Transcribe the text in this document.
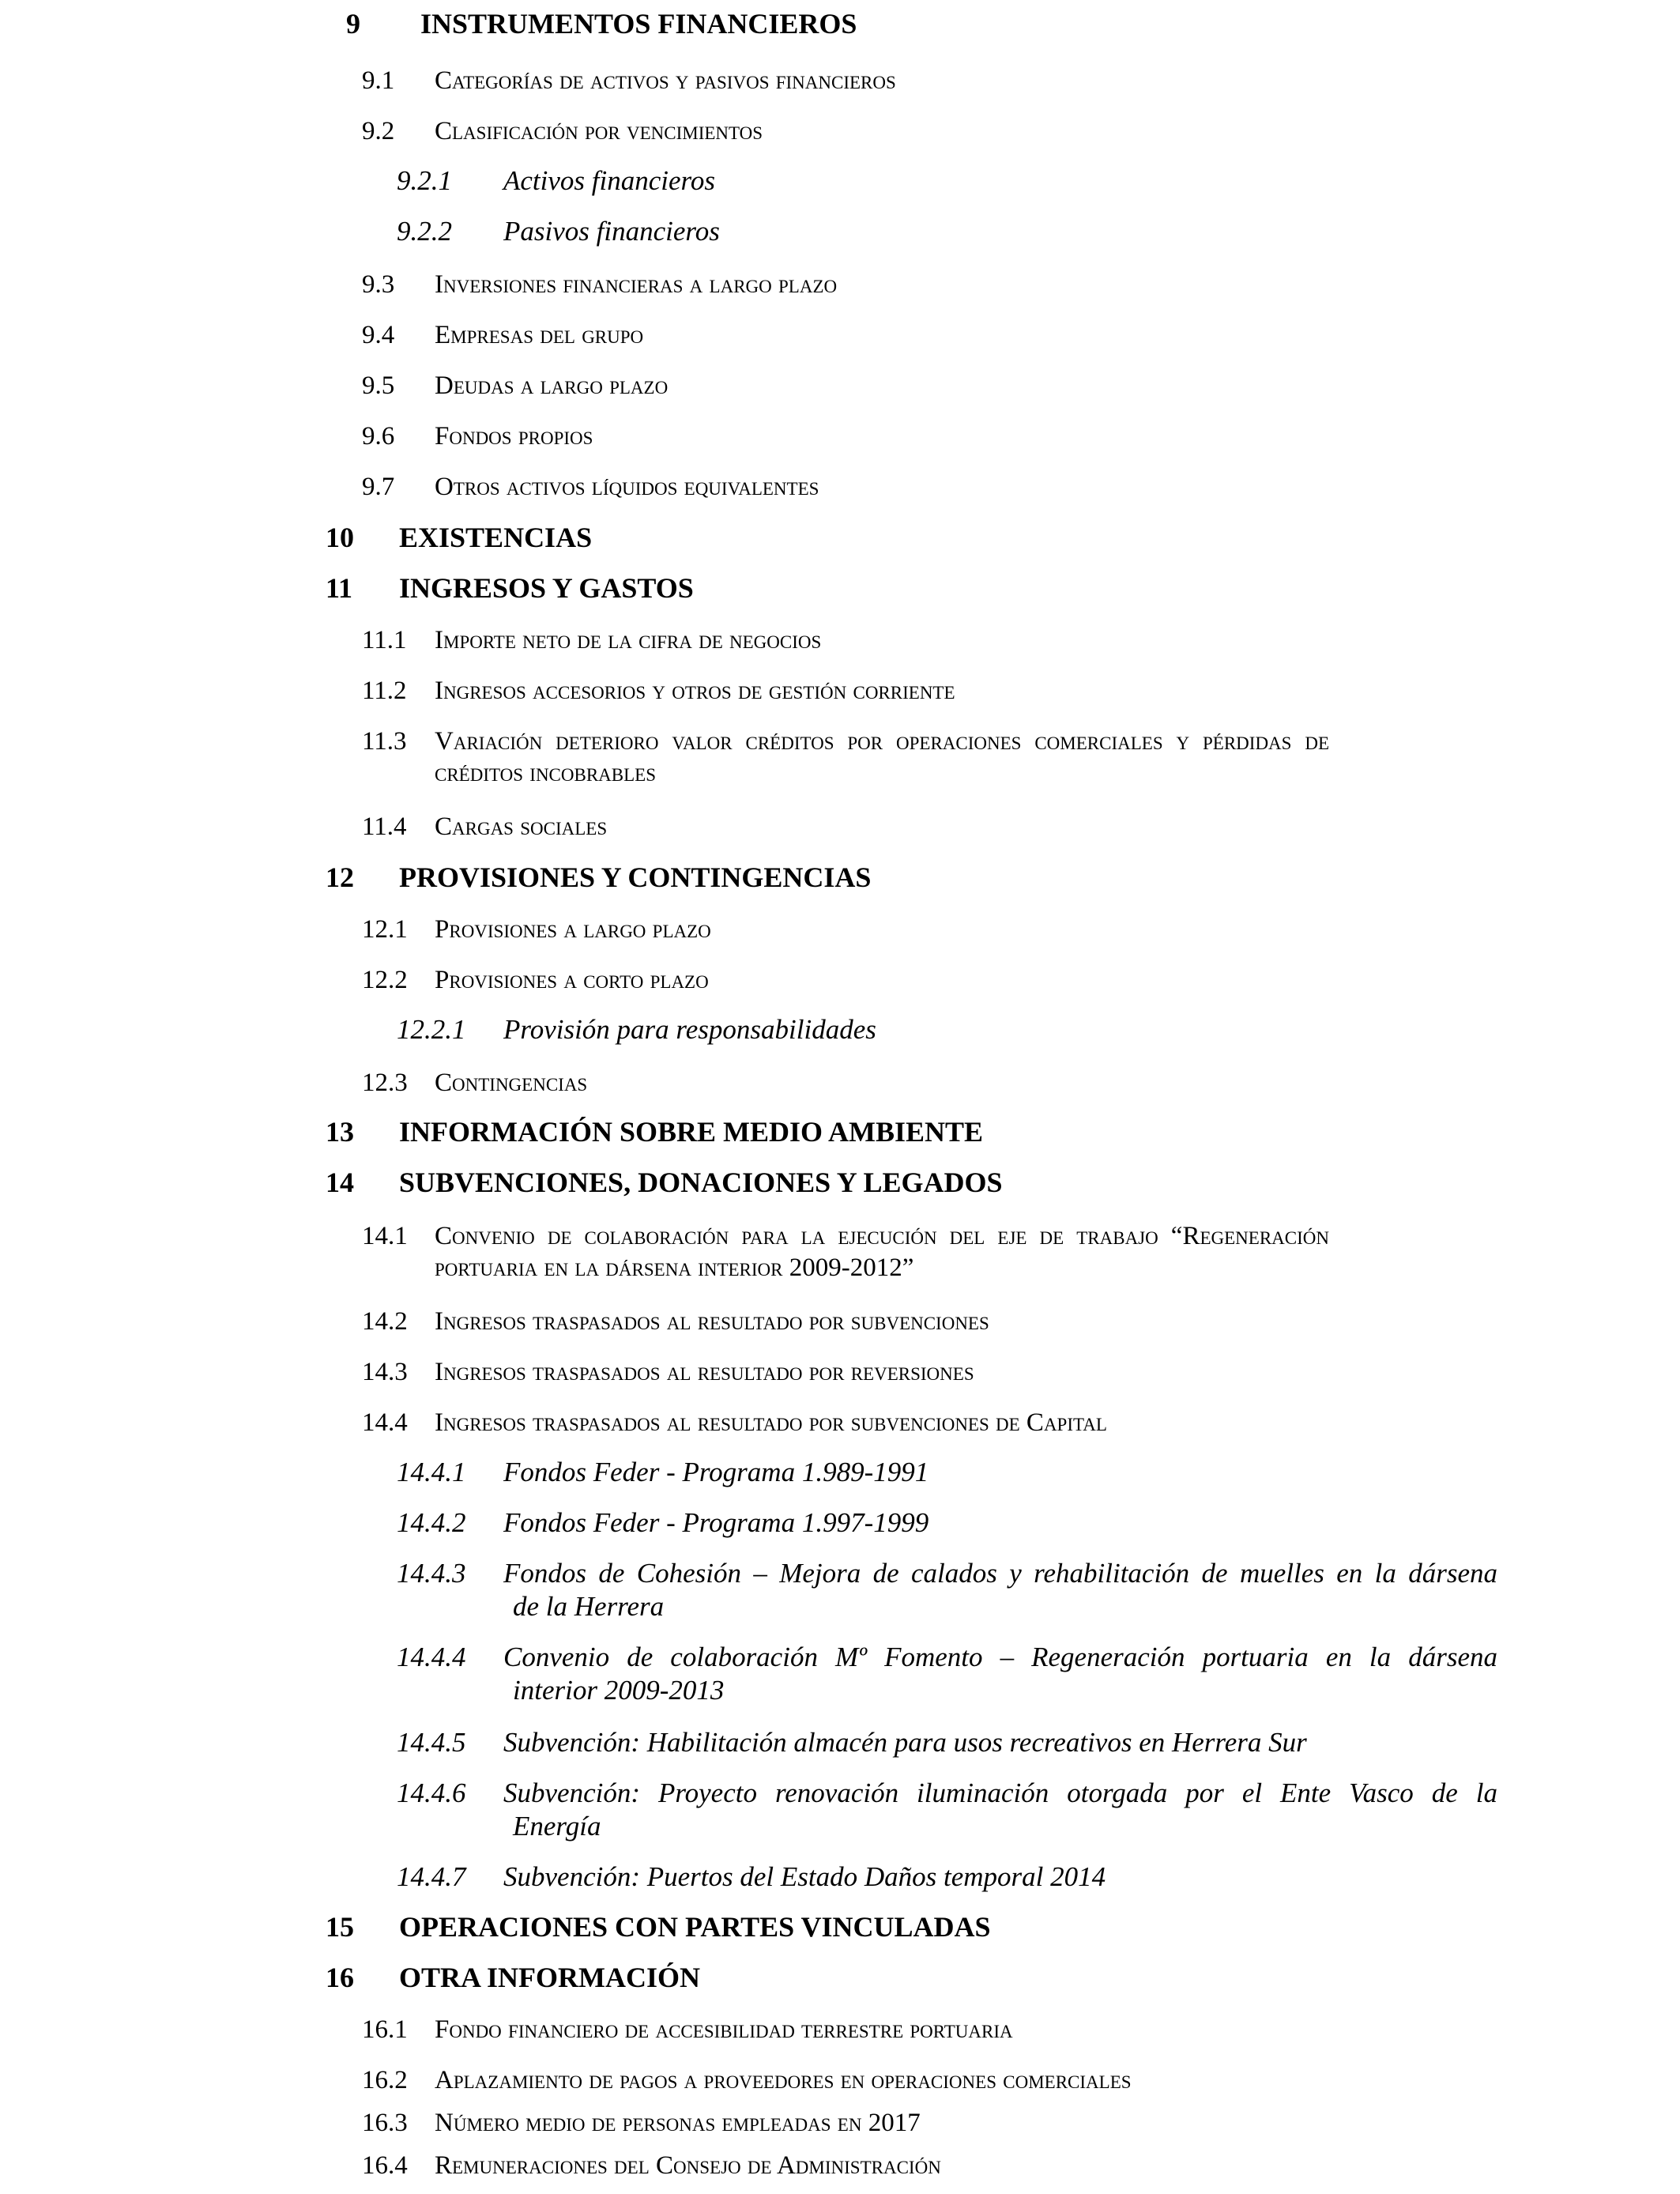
9 INSTRUMENTOS FINANCIEROS
9.1 Categorías de activos y pasivos financieros
9.2 Clasificación por vencimientos
9.2.1 Activos financieros
9.2.2 Pasivos financieros
9.3 Inversiones financieras a largo plazo
9.4 Empresas del grupo
9.5 Deudas a largo plazo
9.6 Fondos propios
9.7 Otros activos líquidos equivalentes
10 EXISTENCIAS
11 INGRESOS Y GASTOS
11.1 Importe neto de la cifra de negocios
11.2 Ingresos accesorios y otros de gestión corriente
11.3 Variación deterioro valor créditos por operaciones comerciales y pérdidas de créditos incobrables
11.4 Cargas sociales
12 PROVISIONES Y CONTINGENCIAS
12.1 Provisiones a largo plazo
12.2 Provisiones a corto plazo
12.2.1 Provisión para responsabilidades
12.3 Contingencias
13 INFORMACIÓN SOBRE MEDIO AMBIENTE
14 SUBVENCIONES, DONACIONES Y LEGADOS
14.1 Convenio de colaboración para la ejecución del eje de trabajo “Regeneración portuaria en la dársena interior 2009-2012”
14.2 Ingresos traspasados al resultado por subvenciones
14.3 Ingresos traspasados al resultado por reversiones
14.4 Ingresos traspasados al resultado por subvenciones de Capital
14.4.1 Fondos Feder - Programa 1.989-1991
14.4.2 Fondos Feder - Programa 1.997-1999
14.4.3 Fondos de Cohesión – Mejora de calados y rehabilitación de muelles en la dársena
de la Herrera
14.4.4 Convenio de colaboración Mº Fomento – Regeneración portuaria en la dársena
interior 2009-2013
14.4.5 Subvención: Habilitación almacén para usos recreativos en Herrera Sur
14.4.6 Subvención: Proyecto renovación iluminación otorgada por el Ente Vasco de la
Energía
14.4.7 Subvención: Puertos del Estado Daños temporal 2014
15 OPERACIONES CON PARTES VINCULADAS
16 OTRA INFORMACIÓN
16.1 Fondo financiero de accesibilidad terrestre portuaria
16.2 Aplazamiento de pagos a proveedores en operaciones comerciales
16.3 Número medio de personas empleadas en 2017
16.4 Remuneraciones del Consejo de Administración
